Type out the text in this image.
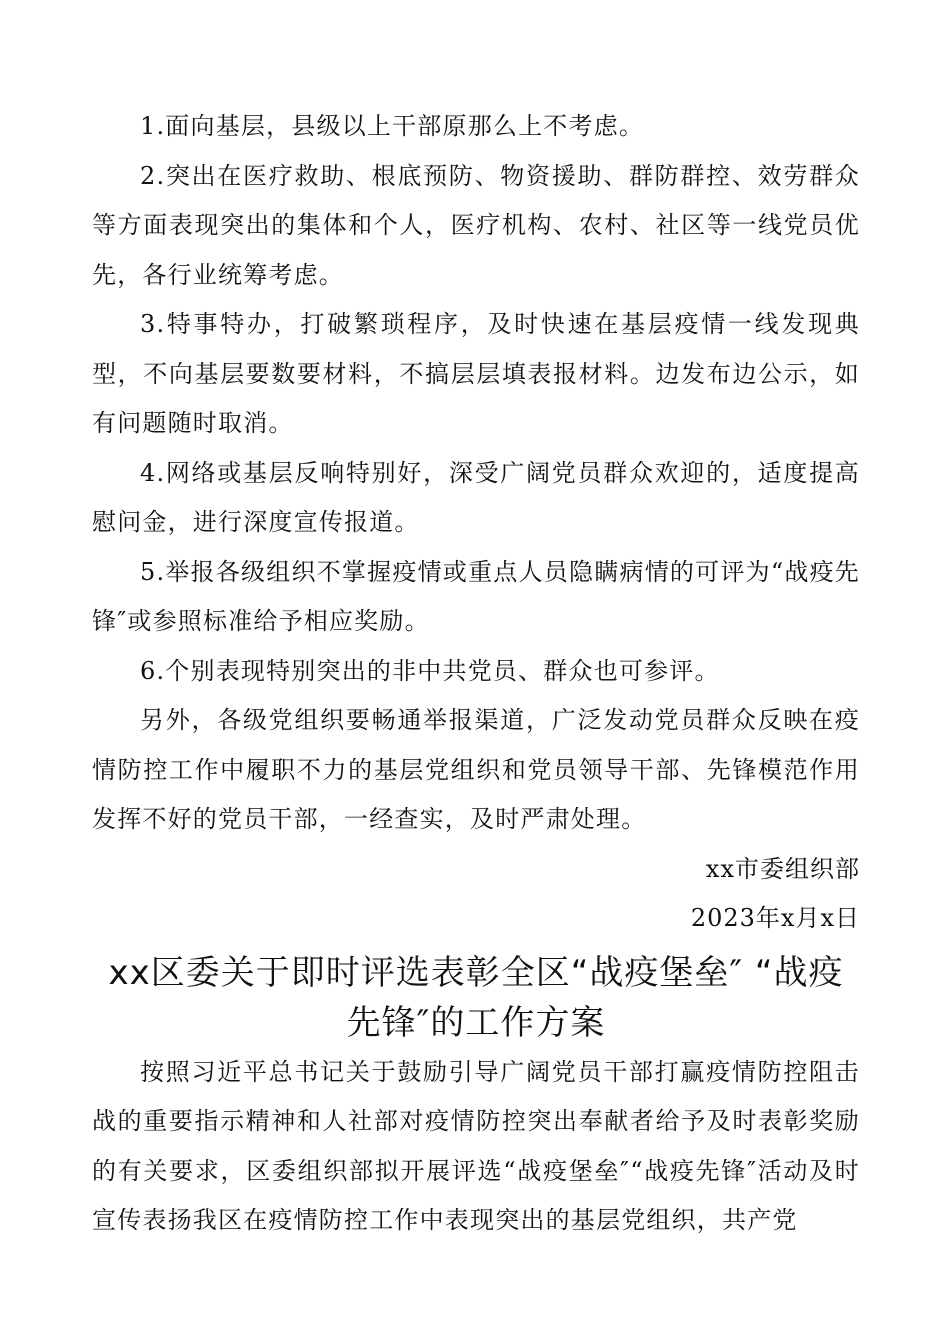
1.面向基层，县级以上干部原那么上不考虑。

2.突出在医疗救助、根底预防、物资援助、群防群控、效劳群众等方面表现突出的集体和个人，医疗机构、农村、社区等一线党员优先，各行业统筹考虑。

3.特事特办，打破繁琐程序，及时快速在基层疫情一线发现典型，不向基层要数要材料，不搞层层填表报材料。边发布边公示，如有问题随时取消。

4.网络或基层反响特别好，深受广阔党员群众欢迎的，适度提高慰问金，进行深度宣传报道。

5.举报各级组织不掌握疫情或重点人员隐瞒病情的可评为“战疫先锋″或参照标准给予相应奖励。

6.个别表现特别突出的非中共党员、群众也可参评。

另外，各级党组织要畅通举报渠道，广泛发动党员群众反映在疫情防控工作中履职不力的基层党组织和党员领导干部、先锋模范作用发挥不好的党员干部，一经查实，及时严肃处理。

xx市委组织部

2023年x月x日

xx区委关于即时评选表彰全区“战疫堡垒″ “战疫先锋″的工作方案

按照习近平总书记关于鼓励引导广阔党员干部打赢疫情防控阻击战的重要指示精神和人社部对疫情防控突出奉献者给予及时表彰奖励的有关要求，区委组织部拟开展评选“战疫堡垒″“战疫先锋″活动及时宣传表扬我区在疫情防控工作中表现突出的基层党组织，共产党
